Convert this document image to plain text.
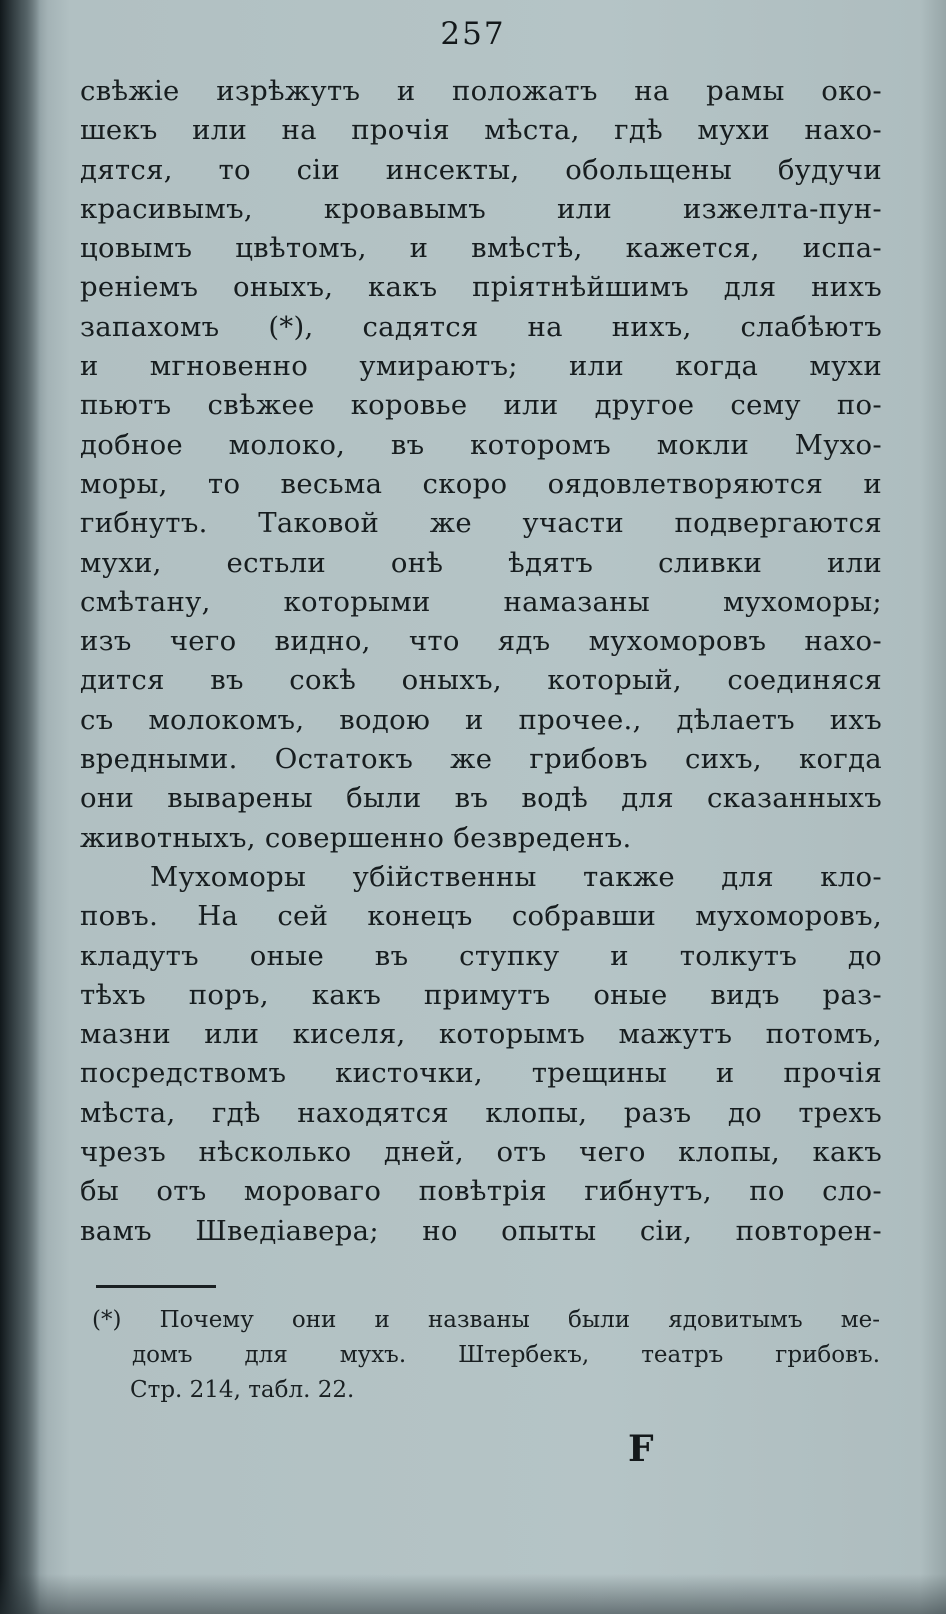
257
свѣжіе изрѣжутъ и положатъ на рамы око-
шекъ или на прочія мѣста, гдѣ мухи нахо-
дятся, то сіи инсекты, обольщены будучи
красивымъ, кровавымъ или изжелта-пун-
цовымъ цвѣтомъ, и вмѣстѣ, кажется, испа-
реніемъ оныхъ, какъ пріятнѣйшимъ для нихъ
запахомъ (*), садятся на нихъ, слабѣютъ
и мгновенно умираютъ; или когда мухи
пьютъ свѣжее коровье или другое сему по-
добное молоко, въ которомъ мокли Мухо-
моры, то весьма скоро оядовлетворяются и
гибнутъ. Таковой же участи подвергаются
мухи, естьли онѣ ѣдятъ сливки или
смѣтану, которыми намазаны мухоморы;
изъ чего видно, что ядъ мухоморовъ нахо-
дится въ сокѣ оныхъ, который, соединяся
съ молокомъ, водою и прочее., дѣлаетъ ихъ
вредными. Остатокъ же грибовъ сихъ, когда
они выварены были въ водѣ для сказанныхъ
животныхъ, совершенно безвреденъ.
Мухоморы убійственны также для кло-
повъ. На сей конецъ собравши мухоморовъ,
кладутъ оные въ ступку и толкутъ до
тѣхъ поръ, какъ примутъ оные видъ раз-
мазни или киселя, которымъ мажутъ потомъ,
посредствомъ кисточки, трещины и прочія
мѣста, гдѣ находятся клопы, разъ до трехъ
чрезъ нѣсколько дней, отъ чего клопы, какъ
бы отъ мороваго повѣтрія гибнутъ, по сло-
вамъ Шведіавера; но опыты сіи, повторен-
(*) Почему они и названы были ядовитымъ ме-
домъ для мухъ. Штербекъ, театръ грибовъ.
Стр. 214, табл. 22.
F
